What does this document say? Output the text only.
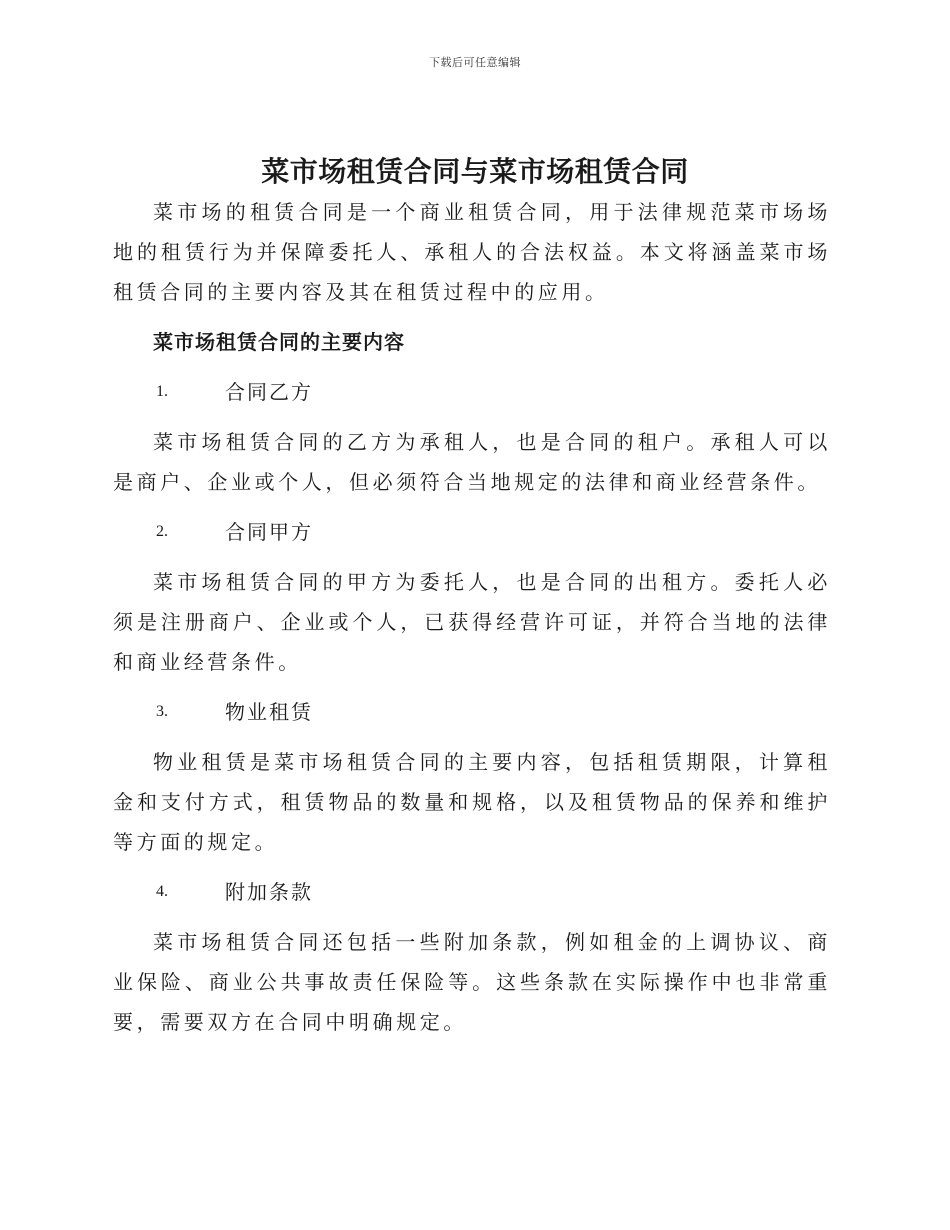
下载后可任意编辑
菜市场租赁合同与菜市场租赁合同

菜市场的租赁合同是一个商业租赁合同，用于法律规范菜市场场地的租赁行为并保障委托人、承租人的合法权益。本文将涵盖菜市场租赁合同的主要内容及其在租赁过程中的应用。

菜市场租赁合同的主要内容
1.	合同乙方

菜市场租赁合同的乙方为承租人，也是合同的租户。承租人可以是商户、企业或个人，但必须符合当地规定的法律和商业经营条件。

2.	合同甲方

菜市场租赁合同的甲方为委托人，也是合同的出租方。委托人必须是注册商户、企业或个人，已获得经营许可证，并符合当地的法律和商业经营条件。

3.	物业租赁

物业租赁是菜市场租赁合同的主要内容，包括租赁期限，计算租金和支付方式，租赁物品的数量和规格，以及租赁物品的保养和维护等方面的规定。

4.	附加条款

菜市场租赁合同还包括一些附加条款，例如租金的上调协议、商业保险、商业公共事故责任保险等。这些条款在实际操作中也非常重要，需要双方在合同中明确规定。
